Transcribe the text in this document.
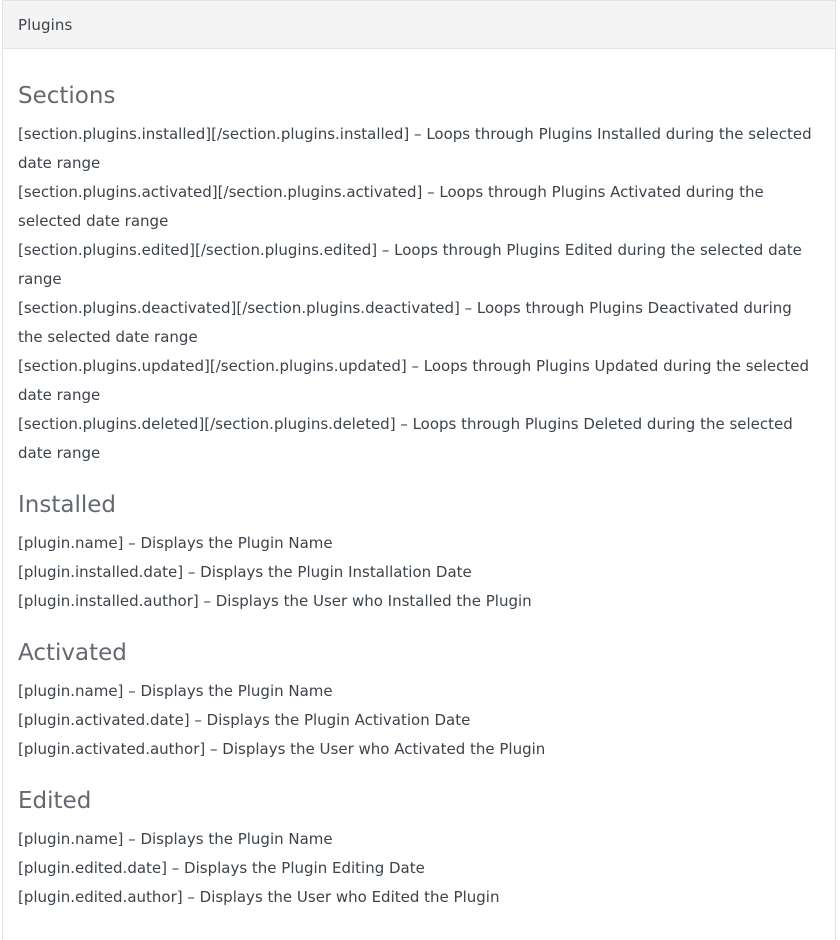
Plugins
Sections

[section.plugins.installed][/section.plugins.installed] – Loops through Plugins Installed during the selected date range

[section.plugins.activated][/section.plugins.activated] – Loops through Plugins Activated during the selected date range

[section.plugins.edited][/section.plugins.edited] – Loops through Plugins Edited during the selected date range

[section.plugins.deactivated][/section.plugins.deactivated] – Loops through Plugins Deactivated during the selected date range

[section.plugins.updated][/section.plugins.updated] – Loops through Plugins Updated during the selected date range

[section.plugins.deleted][/section.plugins.deleted] – Loops through Plugins Deleted during the selected date range

Installed

[plugin.name] – Displays the Plugin Name

[plugin.installed.date] – Displays the Plugin Installation Date

[plugin.installed.author] – Displays the User who Installed the Plugin

Activated

[plugin.name] – Displays the Plugin Name

[plugin.activated.date] – Displays the Plugin Activation Date

[plugin.activated.author] – Displays the User who Activated the Plugin

Edited

[plugin.name] – Displays the Plugin Name

[plugin.edited.date] – Displays the Plugin Editing Date

[plugin.edited.author] – Displays the User who Edited the Plugin
